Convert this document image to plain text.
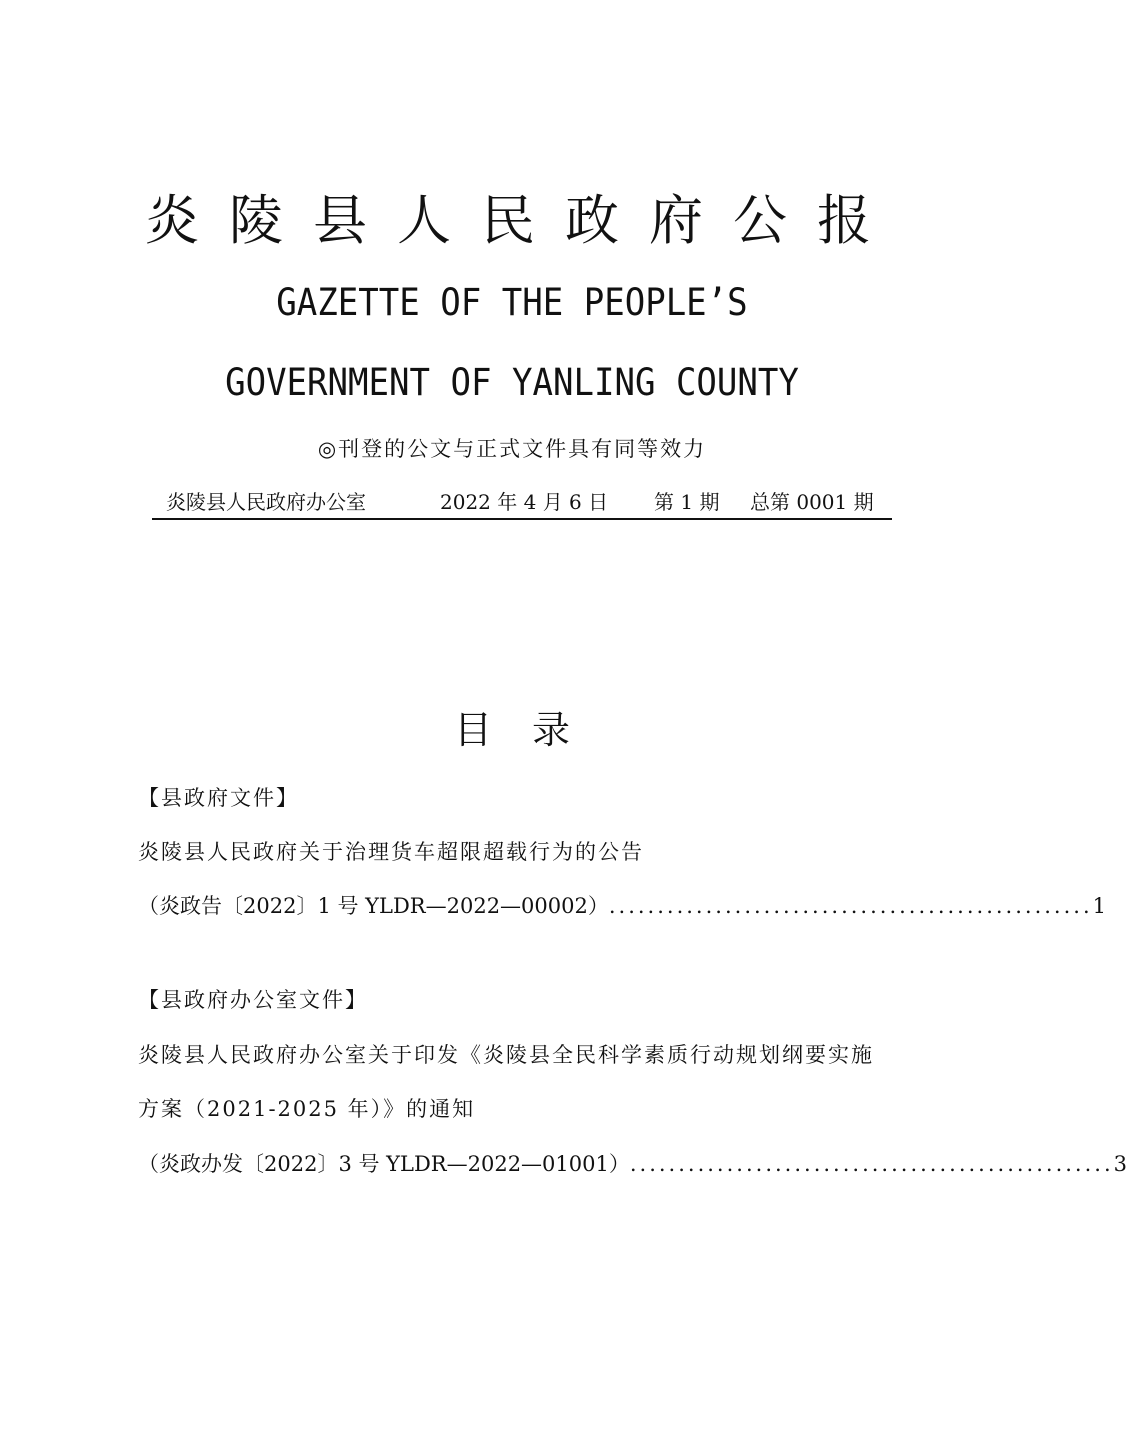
炎陵县人民政府公报
GAZETTE OF THE PEOPLE’S
GOVERNMENT OF YANLING COUNTY
◎刊登的公文与正式文件具有同等效力
炎陵县人民政府办公室	2022 年 4 月 6 日 第 1 期 总第 0001 期
目录
【县政府文件】
炎陵县人民政府关于治理货车超限超载行为的公告
（炎政告〔2022〕1 号 YLDR—2022—00002） .................................................. 1
【县政府办公室文件】
炎陵县人民政府办公室关于印发《炎陵县全民科学素质行动规划纲要实施
方案（2021-2025 年）》的通知
（炎政办发〔2022〕3 号 YLDR—2022—01001） .................................................. 3
